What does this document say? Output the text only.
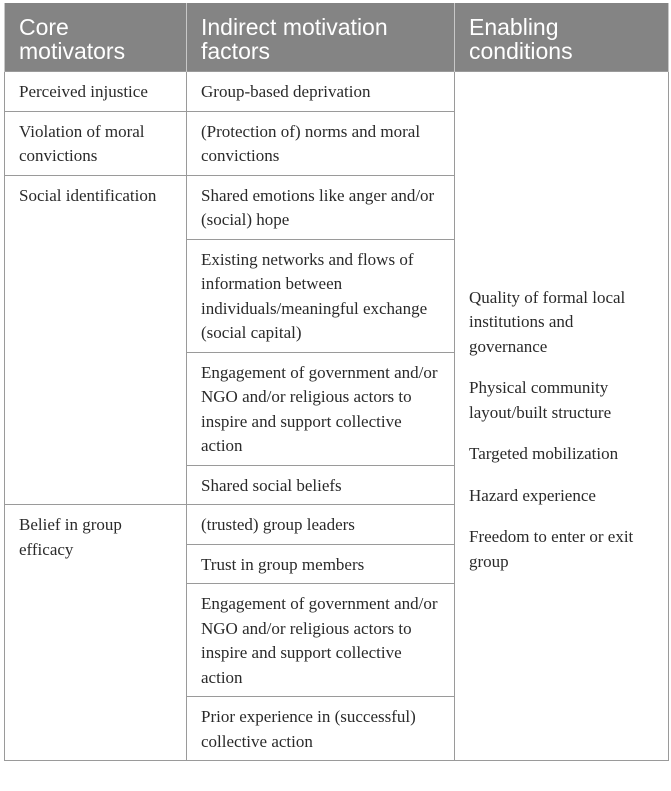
Core motivators	Indirect motivation factors	Enabling conditions
Perceived injustice	Group-based deprivation	Quality of formal local institutions and governance
Physical community layout/built structure
Targeted mobilization
Hazard experience
Freedom to enter or exit group

Violation of moral convictions	(Protection of) norms and moral convictions	
Social identification	Shared emotions like anger and/or (social) hope	
	Existing networks and flows of information between individuals/meaningful exchange (social capital)	
	Engagement of government and/or NGO and/or religious actors to inspire and support collective action	
	Shared social beliefs	
Belief in group efficacy	(trusted) group leaders	
	Trust in group members	
	Engagement of government and/or NGO and/or religious actors to inspire and support collective action	
	Prior experience in (successful) collective action	
